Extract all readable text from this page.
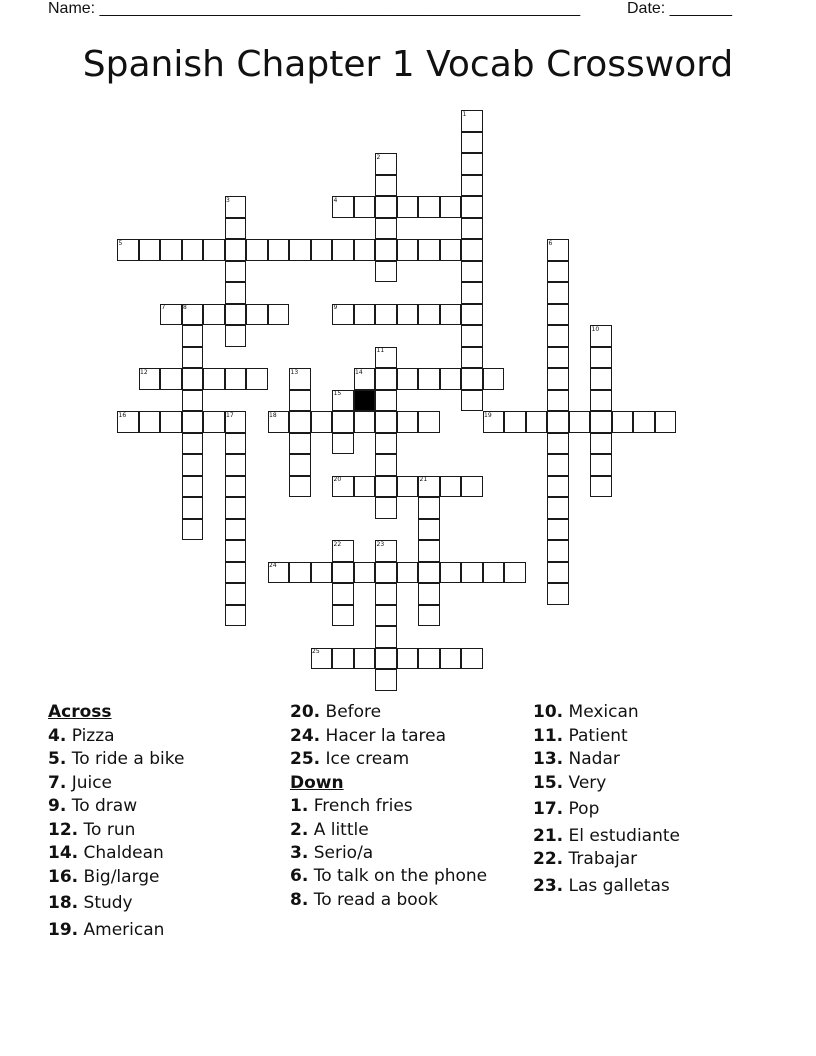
Name: ______________________________________________________	Date: _______
Spanish Chapter 1 Vocab Crossword
1
2
3	4
5	6
7	8	9
10
11
12	13	14
15
16	17	18	19
20	21
22	23
24
25
Across
4. Pizza
5. To ride a bike
7. Juice
9. To draw
12. To run
14. Chaldean
16. Big/large
18. Study
19. American
20. Before
24. Hacer la tarea
25. Ice cream
Down
1. French fries
2. A little
3. Serio/a
6. To talk on the phone
8. To read a book
10. Mexican
11. Patient
13. Nadar
15. Very
17. Pop
21. El estudiante
22. Trabajar
23. Las galletas
